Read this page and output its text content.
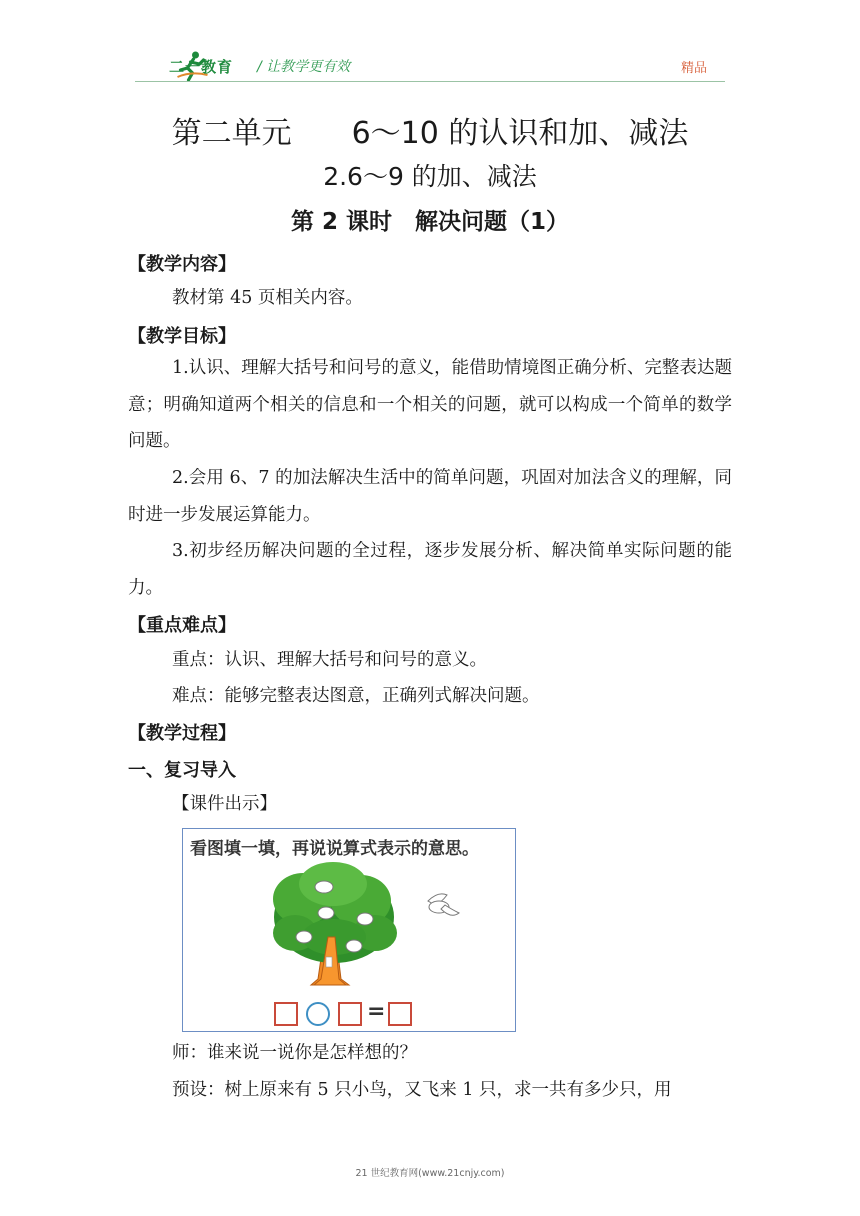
二一教育 / 让教学更有效	精品
第二单元　　6～10 的认识和加、减法
2.6～9 的加、减法
第 2 课时　解决问题（1）
【教学内容】
教材第 45 页相关内容。
【教学目标】
1.认识、理解大括号和问号的意义，能借助情境图正确分析、完整表达题意；明确知道两个相关的信息和一个相关的问题，就可以构成一个简单的数学问题。
2.会用 6、7 的加法解决生活中的简单问题，巩固对加法含义的理解，同时进一步发展运算能力。
3.初步经历解决问题的全过程，逐步发展分析、解决简单实际问题的能力。
【重点难点】
重点：认识、理解大括号和问号的意义。
难点：能够完整表达图意，正确列式解决问题。
【教学过程】
一、复习导入
【课件出示】
看图填一填，再说说算式表示的意思。
=
师：谁来说一说你是怎样想的？
预设：树上原来有 5 只小鸟，又飞来 1 只，求一共有多少只，用
21 世纪教育网(www.21cnjy.com)
